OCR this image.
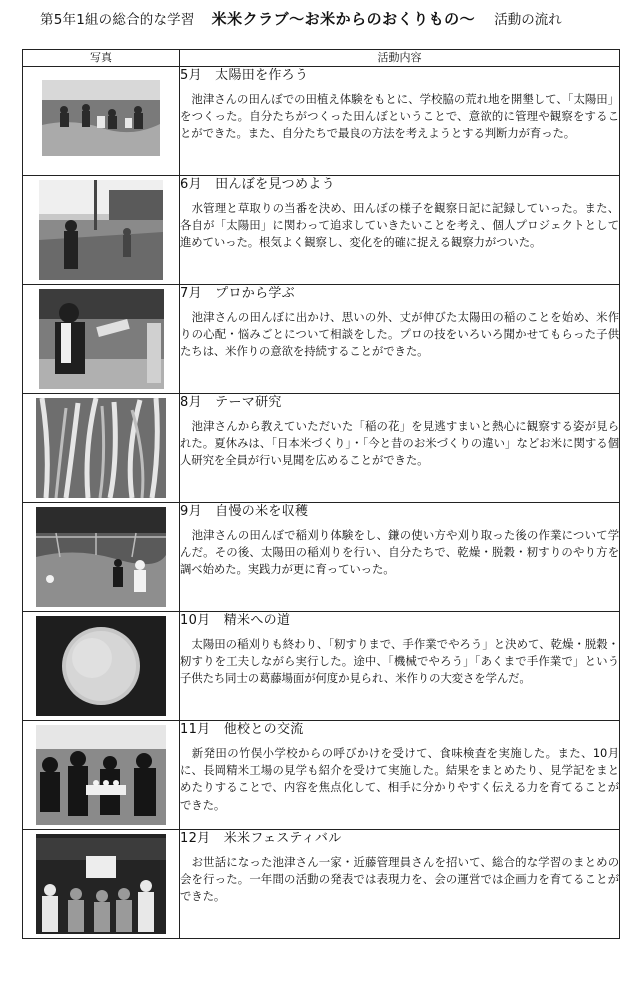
第5年1組の総合的な学習 米米クラブ～お米からのおくりもの～ 活動の流れ
写真	活動内容

5月　太陽田を作ろう

　池津さんの田んぼでの田植え体験をもとに、学校脇の荒れ地を開墾して、「太陽田」をつくった。自分たちがつくった田んぼということで、意欲的に管理や観察をすることができた。また、自分たちで最良の方法を考えようとする判断力が育った。

6月　田んぼを見つめよう

　水管理と草取りの当番を決め、田んぼの様子を観察日記に記録していった。また、各自が「太陽田」に関わって追求していきたいことを考え、個人プロジェクトとして進めていった。根気よく観察し、変化を的確に捉える観察力がついた。

7月　プロから学ぶ

　池津さんの田んぼに出かけ、思いの外、丈が伸びた太陽田の稲のことを始め、米作りの心配・悩みごとについて相談をした。プロの技をいろいろ聞かせてもらった子供たちは、米作りの意欲を持続することができた。

8月　テーマ研究

　池津さんから教えていただいた「稲の花」を見逃すまいと熱心に観察する姿が見られた。夏休みは、「日本米づくり」・「今と昔のお米づくりの違い」などお米に関する個人研究を全員が行い見聞を広めることができた。

9月　自慢の米を収穫

　池津さんの田んぼで稲刈り体験をし、鎌の使い方や刈り取った後の作業について学んだ。その後、太陽田の稲刈りを行い、自分たちで、乾燥・脱穀・籾すりのやり方を調べ始めた。実践力が更に育っていった。

10月　精米への道

　太陽田の稲刈りも終わり、「籾すりまで、手作業でやろう」と決めて、乾燥・脱穀・籾すりを工夫しながら実行した。途中、「機械でやろう」「あくまで手作業で」という子供たち同士の葛藤場面が何度か見られ、米作りの大変さを学んだ。

11月　他校との交流

　新発田の竹俣小学校からの呼びかけを受けて、食味検査を実施した。また、10月に、長岡精米工場の見学も紹介を受けて実施した。結果をまとめたり、見学記をまとめたりすることで、内容を焦点化して、相手に分かりやすく伝える力を育てることができた。

12月　米米フェスティバル

　お世話になった池津さん一家・近藤管理員さんを招いて、総合的な学習のまとめの会を行った。一年間の活動の発表では表現力を、会の運営では企画力を育てることができた。
